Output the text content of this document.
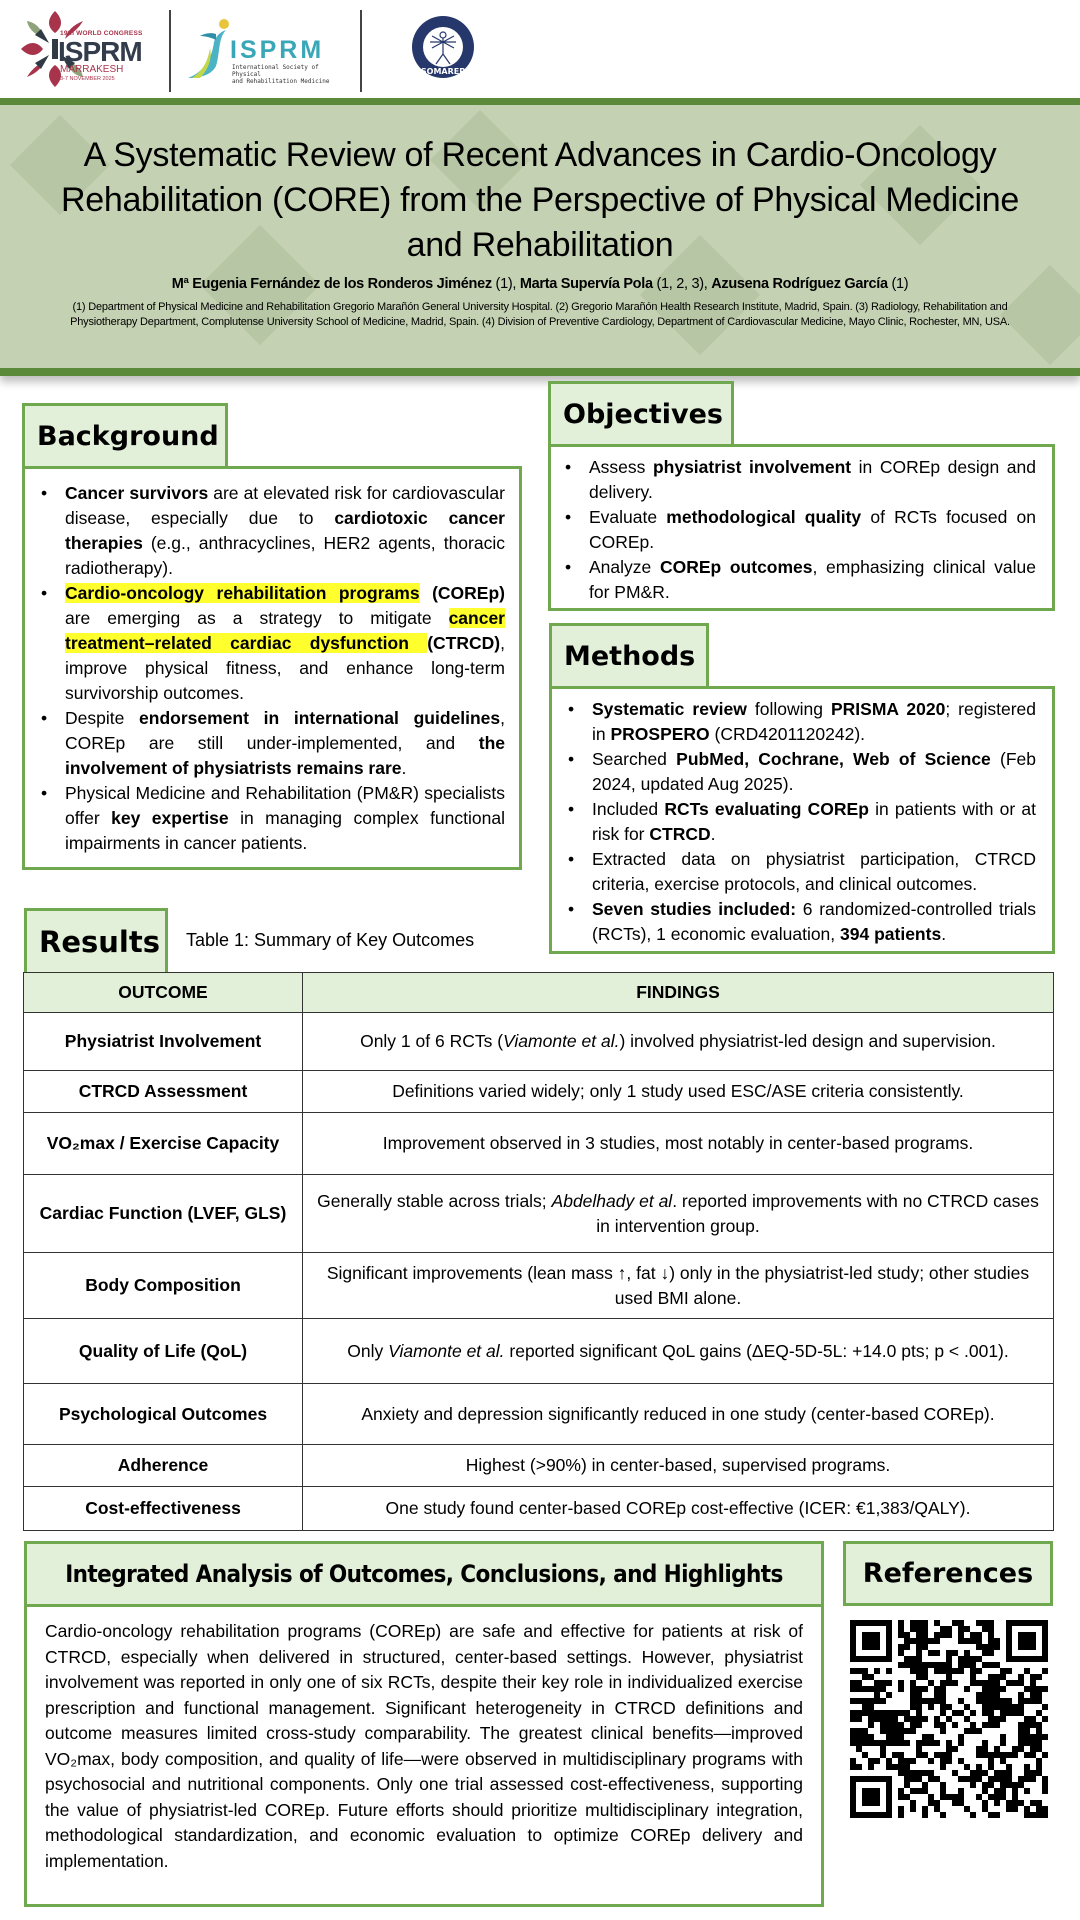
19th WORLD CONGRESS
ISPRM
MARRAKESH
3-7 NOVEMBER 2025
ISPRM
International Society of Physical
and Rehabilitation Medicine
SOMAREP
A Systematic Review of Recent Advances in Cardio-Oncology Rehabilitation (CORE) from the Perspective of Physical Medicine and Rehabilitation
Mª Eugenia Fernández de los Ronderos Jiménez (1), Marta Supervía Pola (1, 2, 3), Azusena Rodríguez García (1)
(1) Department of Physical Medicine and Rehabilitation Gregorio Marañón General University Hospital. (2) Gregorio Marañón Health Research Institute, Madrid, Spain. (3) Radiology, Rehabilitation and Physiotherapy Department, Complutense University School of Medicine, Madrid, Spain. (4) Division of Preventive Cardiology, Department of Cardiovascular Medicine, Mayo Clinic, Rochester, MN, USA.
Background
• Cancer survivors are at elevated risk for cardiovascular disease, especially due to cardiotoxic cancer therapies (e.g., anthracyclines, HER2 agents, thoracic radiotherapy).
• Cardio-oncology rehabilitation programs (COREp) are emerging as a strategy to mitigate cancer treatment–related cardiac dysfunction (CTRCD), improve physical fitness, and enhance long-term survivorship outcomes.
• Despite endorsement in international guidelines, COREp are still under-implemented, and the involvement of physiatrists remains rare.
• Physical Medicine and Rehabilitation (PM&R) specialists offer key expertise in managing complex functional impairments in cancer patients.
Objectives
• Assess physiatrist involvement in COREp design and delivery.
• Evaluate methodological quality of RCTs focused on COREp.
• Analyze COREp outcomes, emphasizing clinical value for PM&R.
Methods
• Systematic review following PRISMA 2020; registered in PROSPERO (CRD4201120242).
• Searched PubMed, Cochrane, Web of Science (Feb 2024, updated Aug 2025).
• Included RCTs evaluating COREp in patients with or at risk for CTRCD.
• Extracted data on physiatrist participation, CTRCD criteria, exercise protocols, and clinical outcomes.
• Seven studies included: 6 randomized-controlled trials (RCTs), 1 economic evaluation, 394 patients.
Results	Table 1: Summary of Key Outcomes
OUTCOME	FINDINGS
Physiatrist Involvement	Only 1 of 6 RCTs (Viamonte et al.) involved physiatrist-led design and supervision.
CTRCD Assessment	Definitions varied widely; only 1 study used ESC/ASE criteria consistently.
VO₂max / Exercise Capacity	Improvement observed in 3 studies, most notably in center-based programs.
Cardiac Function (LVEF, GLS)	Generally stable across trials; Abdelhady et al. reported improvements with no CTRCD cases in intervention group.
Body Composition	Significant improvements (lean mass ↑, fat ↓) only in the physiatrist-led study; other studies used BMI alone.
Quality of Life (QoL)	Only Viamonte et al. reported significant QoL gains (ΔEQ-5D-5L: +14.0 pts; p < .001).
Psychological Outcomes	Anxiety and depression significantly reduced in one study (center-based COREp).
Adherence	Highest (>90%) in center-based, supervised programs.
Cost-effectiveness	One study found center-based COREp cost-effective (ICER: €1,383/QALY).
Integrated Analysis of Outcomes, Conclusions, and Highlights
Cardio-oncology rehabilitation programs (COREp) are safe and effective for patients at risk of CTRCD, especially when delivered in structured, center-based settings. However, physiatrist involvement was reported in only one of six RCTs, despite their key role in individualized exercise prescription and functional management. Significant heterogeneity in CTRCD definitions and outcome measures limited cross-study comparability. The greatest clinical benefits—improved VO₂max, body composition, and quality of life—were observed in multidisciplinary programs with psychosocial and nutritional components. Only one trial assessed cost-effectiveness, supporting the value of physiatrist-led COREp. Future efforts should prioritize multidisciplinary integration, methodological standardization, and economic evaluation to optimize COREp delivery and implementation.
References
